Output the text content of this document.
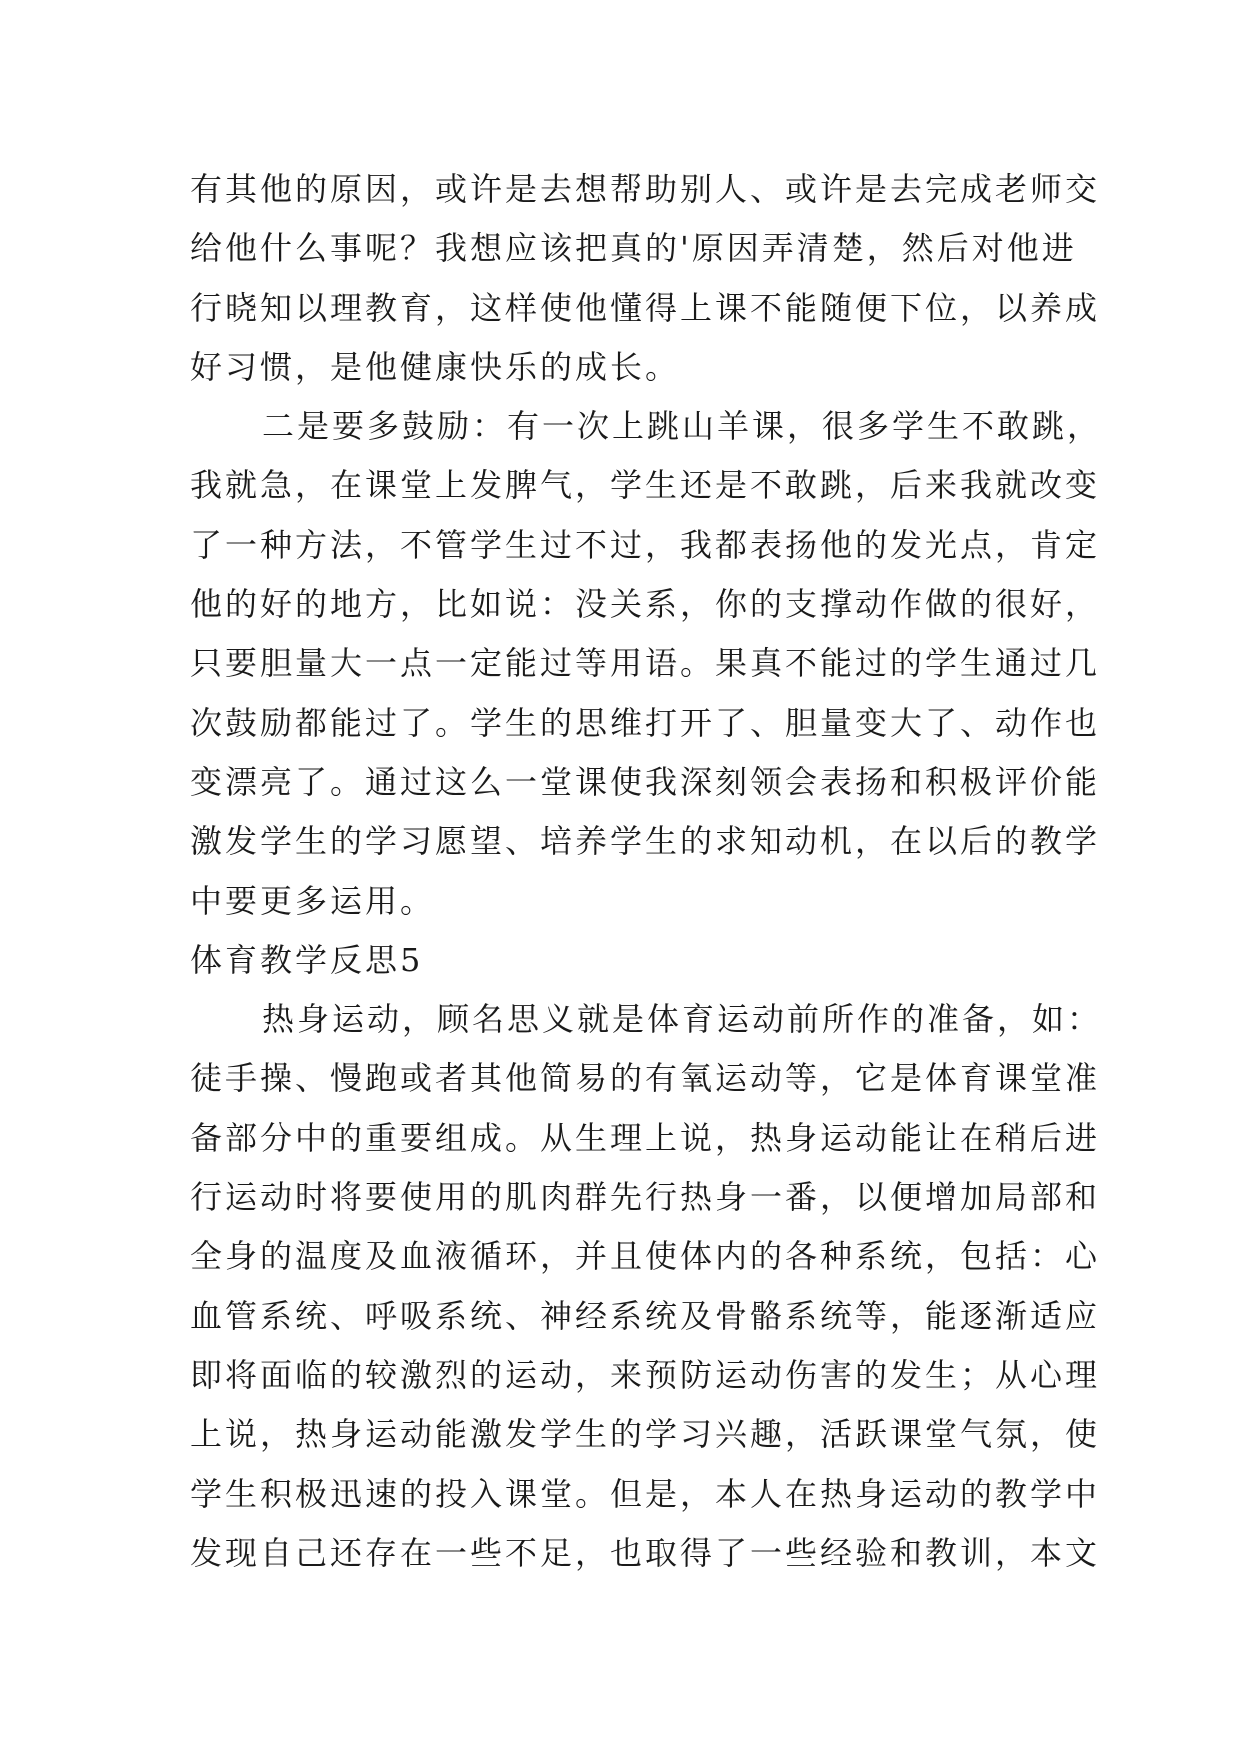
有其他的原因，或许是去想帮助别人、或许是去完成老师交
给他什么事呢？我想应该把真的'原因弄清楚，然后对他进
行晓知以理教育，这样使他懂得上课不能随便下位，以养成
好习惯，是他健康快乐的成长。
二是要多鼓励：有一次上跳山羊课，很多学生不敢跳，
我就急，在课堂上发脾气，学生还是不敢跳，后来我就改变
了一种方法，不管学生过不过，我都表扬他的发光点，肯定
他的好的地方，比如说：没关系，你的支撑动作做的很好，
只要胆量大一点一定能过等用语。果真不能过的学生通过几
次鼓励都能过了。学生的思维打开了、胆量变大了、动作也
变漂亮了。通过这么一堂课使我深刻领会表扬和积极评价能
激发学生的学习愿望、培养学生的求知动机，在以后的教学
中要更多运用。
体育教学反思5
热身运动，顾名思义就是体育运动前所作的准备，如：
徒手操、慢跑或者其他简易的有氧运动等，它是体育课堂准
备部分中的重要组成。从生理上说，热身运动能让在稍后进
行运动时将要使用的肌肉群先行热身一番，以便增加局部和
全身的温度及血液循环，并且使体内的各种系统，包括：心
血管系统、呼吸系统、神经系统及骨骼系统等，能逐渐适应
即将面临的较激烈的运动，来预防运动伤害的发生；从心理
上说，热身运动能激发学生的学习兴趣，活跃课堂气氛，使
学生积极迅速的投入课堂。但是，本人在热身运动的教学中
发现自己还存在一些不足，也取得了一些经验和教训，本文
